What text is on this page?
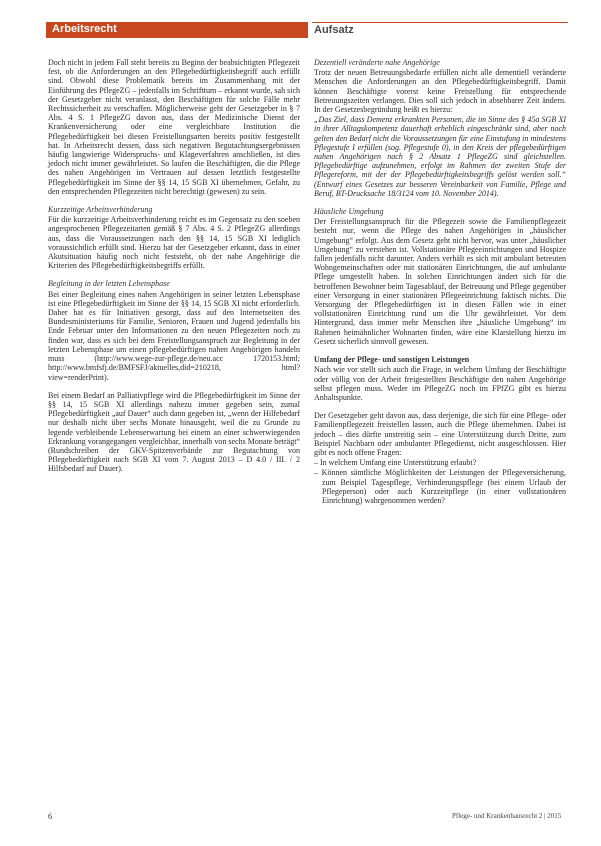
Arbeitsrecht	Aufsatz

Doch nicht in jedem Fall steht bereits zu Beginn der beabsichtigten Pflegezeit fest, ob die Anforderungen an den Pflegebedürftigkeitsbegriff auch erfüllt sind. Obwohl diese Problematik bereits im Zusammenhang mit der Einführung des PflegeZG – jedenfalls im Schrifttum – erkannt wurde, sah sich der Gesetzgeber nicht veranlasst, den Beschäftigten für solche Fälle mehr Rechtssicherheit zu verschaffen. Möglicherweise geht der Gesetzgeber in § 7 Abs. 4 S. 1 PflegeZG davon aus, dass der Medizinische Dienst der Krankenversicherung oder eine vergleichbare Institution die Pflegebedürftigkeit bei diesen Freistellungsarten bereits positiv festgestellt hat. In Arbeitsrecht dessen, dass sich negativen Begutachtungsergebnissen häufig langwierige Widerspruchs- und Klageverfahren anschließen, ist dies jedoch nicht immer gewährleistet. So laufen die Beschäftigten, die die Pflege des nahen Angehörigen im Vertrauen auf dessen letztlich festgestellte Pflegebedürftigkeit im Sinne der §§ 14, 15 SGB XI übernehmen, Gefahr, zu den entsprechenden Pflegezeiten nicht berechtigt (gewesen) zu sein.

Kurzzeitige Arbeitsverhinderung

Für die kurzzeitige Arbeitsverhinderung reicht es im Gegensatz zu den soeben angesprochenen Pflegezeitarten gemäß § 7 Abs. 4 S. 2 PflegeZG allerdings aus, dass die Voraussetzungen nach den §§ 14, 15 SGB XI lediglich voraussichtlich erfüllt sind. Hierzu hat der Gesetzgeber erkannt, dass in einer Akutsituation häufig noch nicht feststeht, ob der nahe Angehörige die Kriterien des Pflegebedürftigkeitsbegriffs erfüllt.

Begleitung in der letzten Lebensphase

Bei einer Begleitung eines nahen Angehörigen in seiner letzten Lebensphase ist eine Pflegebedürftigkeit im Sinne der §§ 14, 15 SGB XI nicht erforderlich. Daher hat es für Initiativen gesorgt, dass auf den Internetseiten des Bundesministeriums für Familie, Senioren, Frauen und Jugend jedenfalls bis Ende Februar unter den Informationen zu den neuen Pflegezeiten noch zu finden war, dass es sich bei dem Freistellungsanspruch zur Begleitung in der letzten Lebensphase um einen pflegebedürftigen nahen Angehörigen handeln muss (http://www.wege-zur-pflege.de/neu.acc 1720153.html; http://www.bmfsfj.de/BMFSFJ/aktuelles,did=210218, html?view=renderPrint).

Bei einem Bedarf an Palliativpflege wird die Pflegebedürftigkeit im Sinne der §§ 14, 15 SGB XI allerdings nahezu immer gegeben sein, zumal Pflegebedürftigkeit „auf Dauer“ auch dann gegeben ist, „wenn der Hilfebedarf nur deshalb nicht über sechs Monate hinausgeht, weil die zu Grunde zu legende verbleibende Lebenserwartung bei einem an einer schwerwiegenden Erkrankung vorangegangen vergleichbar, innerhalb von sechs Monate beträgt“ (Rundschreiben der GKV-Spitzenverbände zur Begutachtung von Pflegebedürftigkeit nach SGB XI vom 7. August 2013 – D 4.0 / III. / 2 Hilfsbedarf auf Dauer).

Dezentiell veränderte nahe Angehörige

Trotz der neuen Betreuungsbedarfe erfüllen nicht alle dementiell veränderte Menschen die Anforderungen an den Pflegebedürftigkeitsbegriff. Damit können Beschäftigte vorerst keine Freistellung für entsprechende Betreuungszeiten verlangen. Dies soll sich jedoch in absehbarer Zeit ändern. In der Gesetzesbegründung heißt es hierzu:

„Das Ziel, dass Demenz erkrankten Personen, die im Sinne des § 45a SGB XI in ihrer Alltagskompetenz dauerhaft erheblich eingeschränkt sind, aber noch gelten den Bedarf nicht die Voraussetzungen für eine Einstufung in mindestens Pflegestufe I erfüllen (sog. Pflegestufe 0), in den Kreis der pflegebedürftigen nahen Angehörigen nach § 2 Absatz 1 PflegeZG sind gleichstellen. Pflegebedürftige aufzunehmen, erfolgt im Rahmen der zweiten Stufe der Pflegereform, mit der der Pflegebedürftigkeitsbegriffs gelöst werden soll.“ (Entwurf eines Gesetzes zur besseren Vereinbarkeit von Familie, Pflege und Beruf, BT-Drucksache 18/3124 vom 10. November 2014).

Häusliche Umgebung

Der Freistellungsanspruch für die Pflegezeit sowie die Familienpflegezeit besteht nur, wenn die Pflege des nahen Angehörigen in „häuslicher Umgebung“ erfolgt. Aus dem Gesetz geht nicht hervor, was unter „häuslicher Umgebung“ zu verstehen ist. Vollstationäre Pflegeeinrichtungen und Hospize fallen jedenfalls nicht darunter. Anders verhält es sich mit ambulant betreuten Wohngemeinschaften oder mit stationären Einrichtungen, die auf ambulante Pflege umgestellt haben. In solchen Einrichtungen ändert sich für die betroffenen Bewohner beim Tagesablauf, der Betreuung und Pflege gegenüber einer Versorgung in einer stationären Pflegeeinrichtung faktisch nichts. Die Versorgung der Pflegebedürftigen ist in diesen Fällen wie in einer vollstationären Einrichtung rund um die Uhr gewährleistet. Vor dem Hintergrund, dass immer mehr Menschen ihre „häusliche Umgebung“ im Rahmen heimähnlicher Wohnarten finden, wäre eine Klarstellung hierzu im Gesetz sicherlich sinnvoll gewesen.

Umfang der Pflege- und sonstigen Leistungen

Nach wie vor stellt sich auch die Frage, in welchem Umfang der Beschäftigte oder völlig von der Arbeit freigestellten Beschäftigte den nahen Angehörige selbst pflegen muss. Weder im PflegeZG noch im FPfZG gibt es hierzu Anhaltspunkte.

Der Gesetzgeber geht davon aus, dass derjenige, die sich für eine Pflege- oder Familienpflegezeit freistellen lassen, auch die Pflege übernehmen. Dabei ist jedoch – dies dürfte unstreitig sein – eine Unterstützung durch Dritte, zum Beispiel Nachbarn oder ambulanter Pflegedienst, nicht ausgeschlossen. Hier gibt es noch offene Fragen:

– In welchem Umfang eine Unterstützung erlaubt?
– Können sämtliche Möglichkeiten der Leistungen der Pflegeversicherung, zum Beispiel Tagespflege, Verhinderungspflege (bei einem Urlaub der Pflegeperson) oder auch Kurzzeitpflege (in einer vollstationären Einrichtung) wahrgenommen werden?
6	Pflege- und Krankenhausrecht 2 | 2015
